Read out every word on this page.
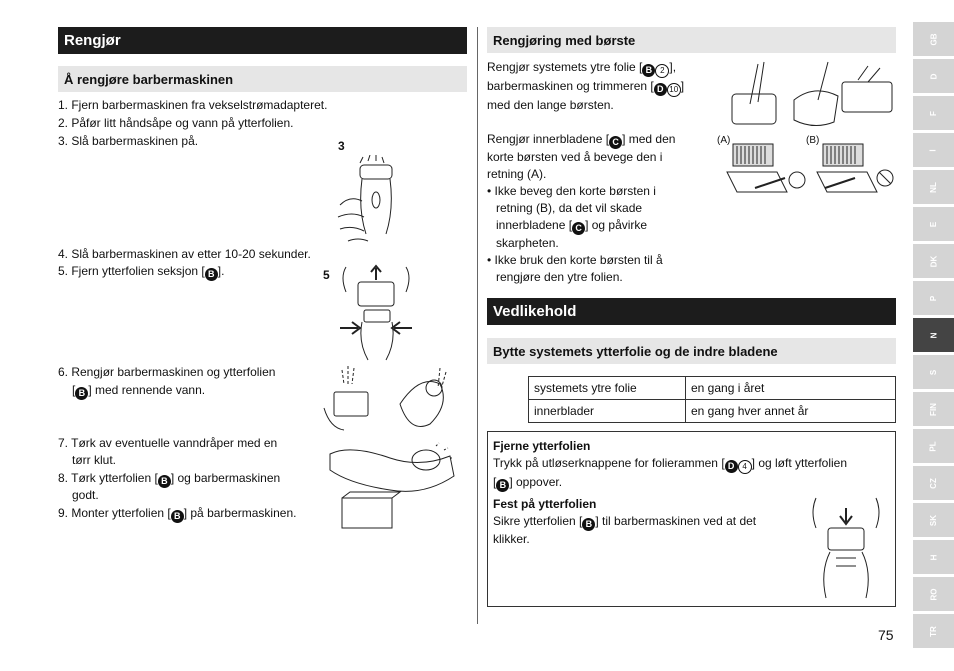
Rengjør
Å rengjøre barbermaskinen
1. Fjern barbermaskinen fra vekselstrømadapteret.
2. Påfør litt håndsåpe og vann på ytterfolien.
3. Slå barbermaskinen på.
4. Slå barbermaskinen av etter 10-20 sekunder.
5. Fjern ytterfolien seksjon [ B ].
6. Rengjør barbermaskinen og ytterfolien
[ B ] med rennende vann.
7. Tørk av eventuelle vanndråper med en
tørr klut.
8. Tørk ytterfolien [ B ] og barbermaskinen
godt.
9. Monter ytterfolien [ B ] på barbermaskinen.
3
5
Rengjøring med børste
Rengjør systemets ytre folie [ B 2 ],
barbermaskinen og trimmeren [ D 10 ]
med den lange børsten.
Rengjør innerbladene [ C ] med den
korte børsten ved å bevege den i
retning (A).
• Ikke beveg den korte børsten i
retning (B), da det vil skade
innerbladene [ C ] og påvirke
skarpheten.
• Ikke bruk den korte børsten til å
rengjøre den ytre folien.
(A)	(B)
Vedlikehold
Bytte systemets ytterfolie og de indre bladene
systemets ytre folie	en gang i året
innerblader	en gang hver annet år
Fjerne ytterfolien
Trykk på utløserknappene for folierammen [ D 4 ] og løft ytterfolien
[ B ] oppover.
Fest på ytterfolien
Sikre ytterfolien [ B ] til barbermaskinen ved at det
klikker.
GB
D
F
I
NL
E
DK
P
N
S
FIN
PL
CZ
SK
H
RO
TR
75
